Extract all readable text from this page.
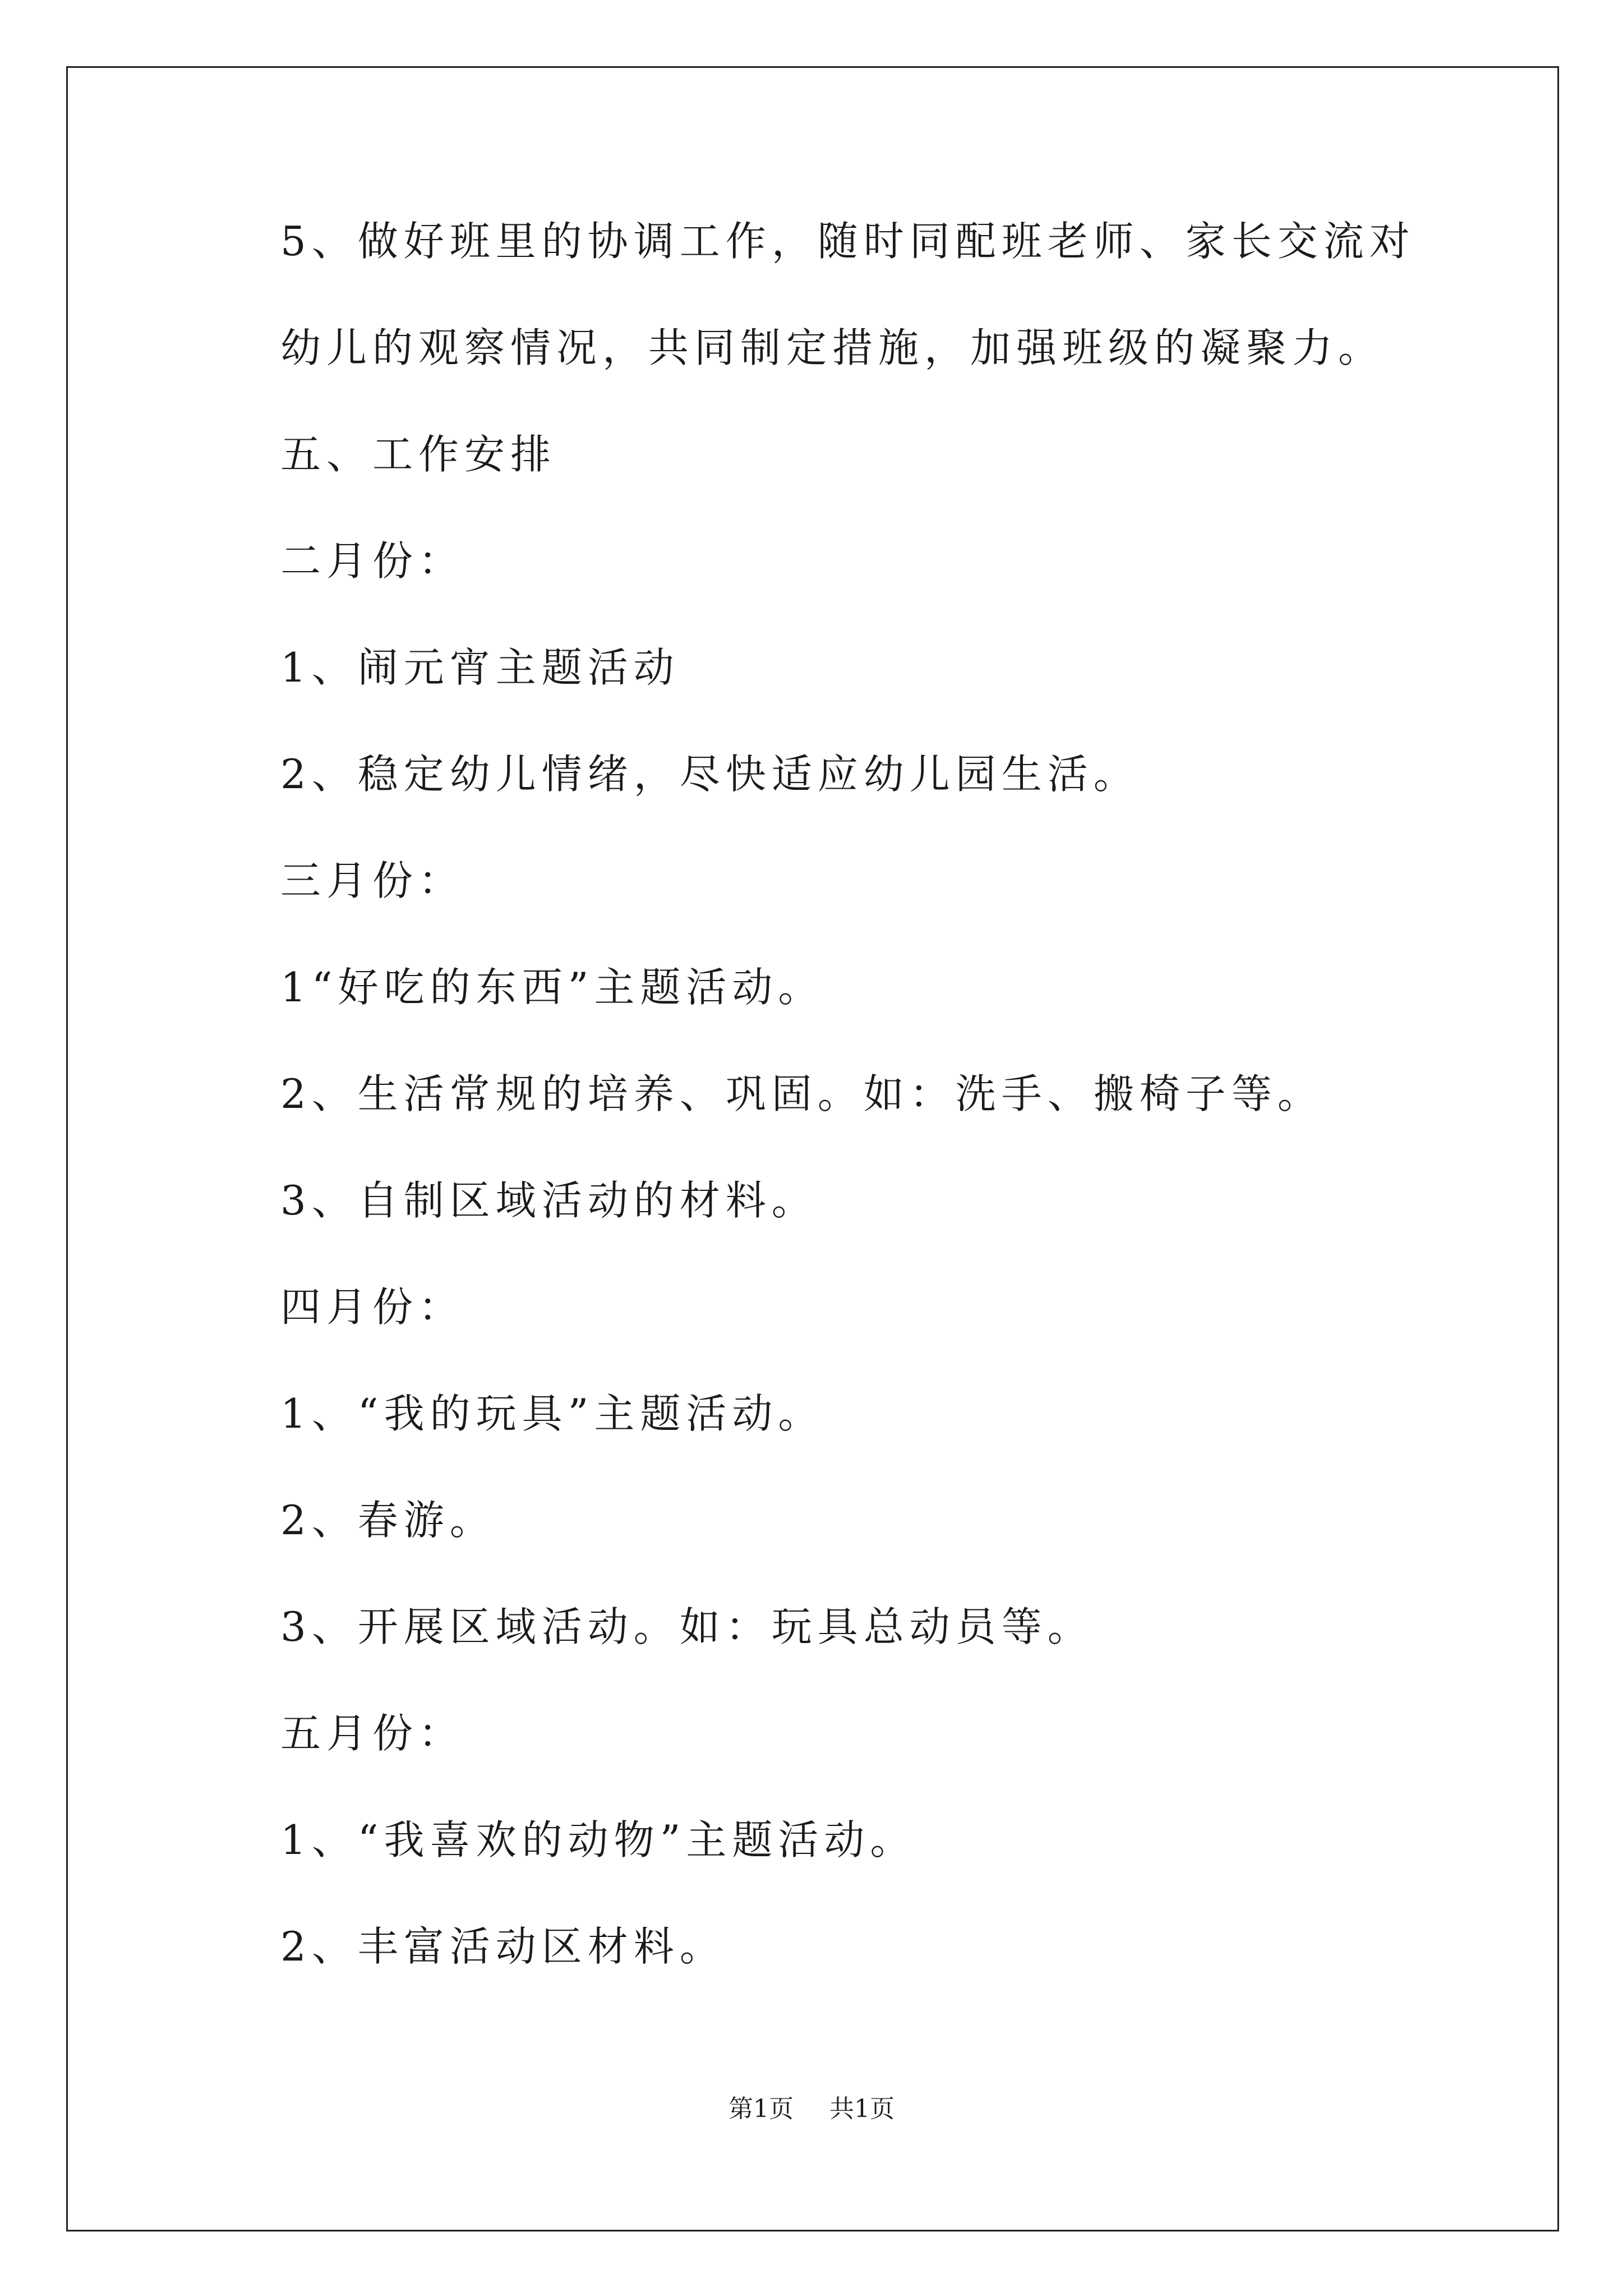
5、做好班里的协调工作，随时同配班老师、家长交流对
幼儿的观察情况，共同制定措施，加强班级的凝聚力。
五、工作安排
二月份：
1、闹元宵主题活动
2、稳定幼儿情绪，尽快适应幼儿园生活。
三月份：
1“好吃的东西”主题活动。
2、生活常规的培养、巩固。如：洗手、搬椅子等。
3、自制区域活动的材料。
四月份：
1、“我的玩具”主题活动。
2、春游。
3、开展区域活动。如：玩具总动员等。
五月份：
1、“我喜欢的动物”主题活动。
2、丰富活动区材料。
第1页 共1页
